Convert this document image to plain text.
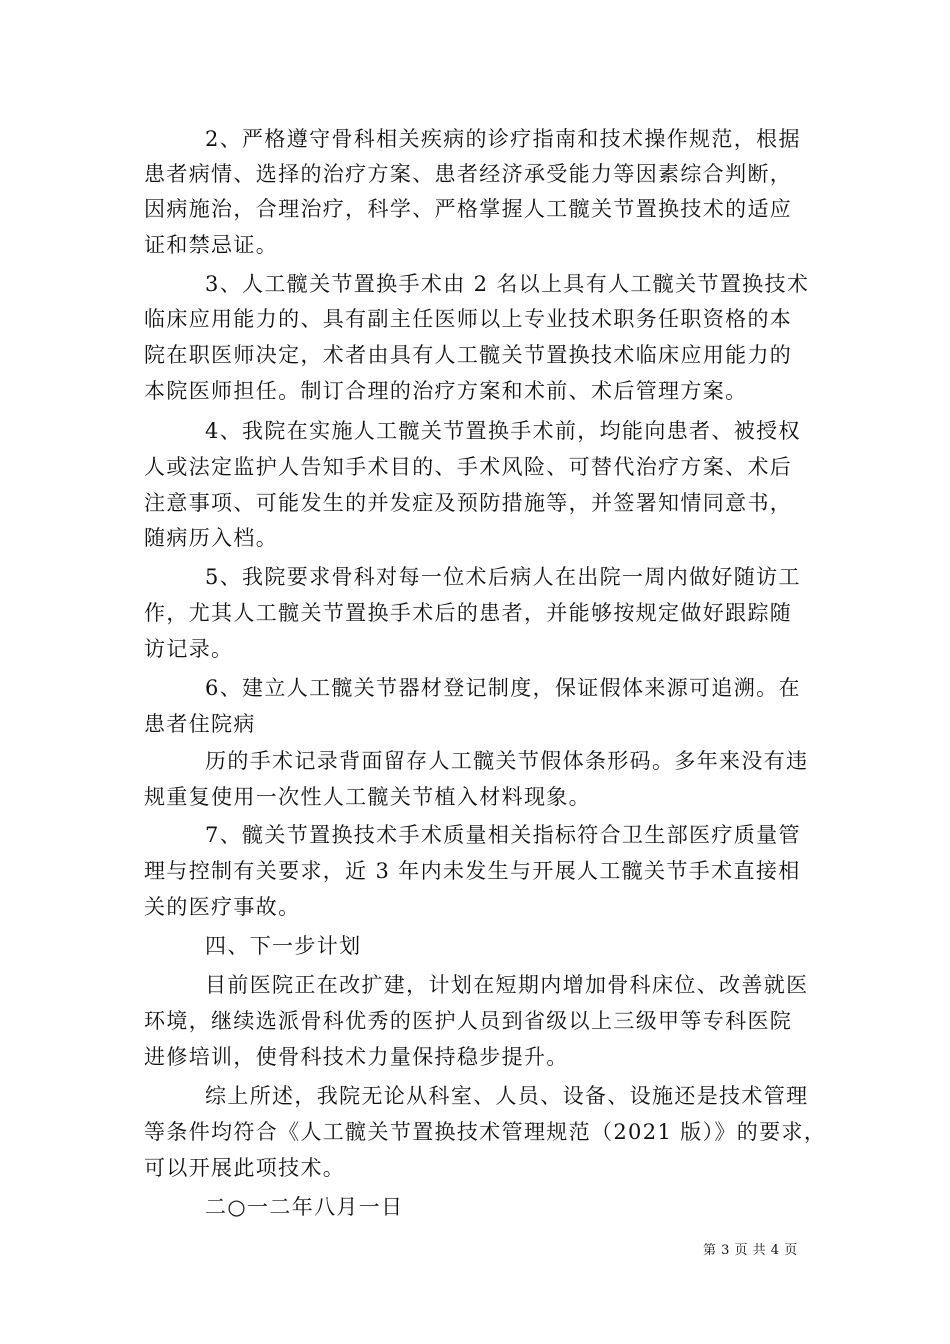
2、严格遵守骨科相关疾病的诊疗指南和技术操作规范，根据
患者病情、选择的治疗方案、患者经济承受能力等因素综合判断，
因病施治，合理治疗，科学、严格掌握人工髋关节置换技术的适应
证和禁忌证。
3、人工髋关节置换手术由 2 名以上具有人工髋关节置换技术
临床应用能力的、具有副主任医师以上专业技术职务任职资格的本
院在职医师决定，术者由具有人工髋关节置换技术临床应用能力的
本院医师担任。制订合理的治疗方案和术前、术后管理方案。
4、我院在实施人工髋关节置换手术前，均能向患者、被授权
人或法定监护人告知手术目的、手术风险、可替代治疗方案、术后
注意事项、可能发生的并发症及预防措施等，并签署知情同意书，
随病历入档。
5、我院要求骨科对每一位术后病人在出院一周内做好随访工
作，尤其人工髋关节置换手术后的患者，并能够按规定做好跟踪随
访记录。
6、建立人工髋关节器材登记制度，保证假体来源可追溯。在
患者住院病
历的手术记录背面留存人工髋关节假体条形码。多年来没有违
规重复使用一次性人工髋关节植入材料现象。
7、髋关节置换技术手术质量相关指标符合卫生部医疗质量管
理与控制有关要求，近 3 年内未发生与开展人工髋关节手术直接相
关的医疗事故。
四、下一步计划
目前医院正在改扩建，计划在短期内增加骨科床位、改善就医
环境，继续选派骨科优秀的医护人员到省级以上三级甲等专科医院
进修培训，使骨科技术力量保持稳步提升。
综上所述，我院无论从科室、人员、设备、设施还是技术管理
等条件均符合《人工髋关节置换技术管理规范（2021 版）》的要求，
可以开展此项技术。
二○一二年八月一日
第 3 页 共 4 页
